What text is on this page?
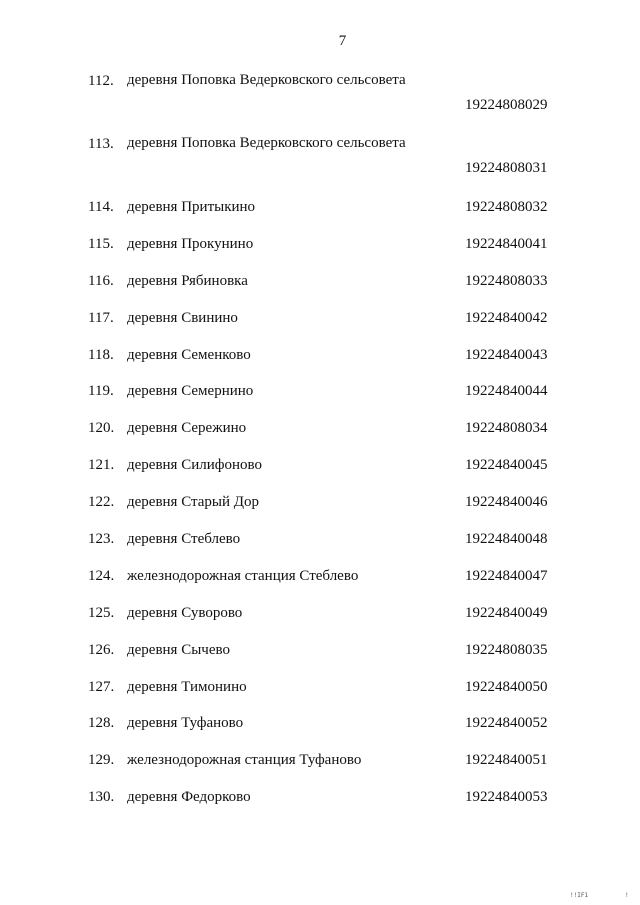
7
112. деревня Поповка Ведерковского сельсовета
19224808029
113. деревня Поповка Ведерковского сельсовета
19224808031
114. деревня Притыкино	19224808032
115. деревня Прокунино	19224840041
116. деревня Рябиновка	19224808033
117. деревня Свинино	19224840042
118. деревня Семенково	19224840043
119. деревня Семернино	19224840044
120. деревня Сережино	19224808034
121. деревня Силифоново	19224840045
122. деревня Старый Дор	19224840046
123. деревня Стеблево	19224840048
124. железнодорожная станция Стеблево	19224840047
125. деревня Суворово	19224840049
126. деревня Сычево	19224808035
127. деревня Тимонино	19224840050
128. деревня Туфаново	19224840052
129. железнодорожная станция Туфаново	19224840051
130. деревня Федорково	19224840053
!!IF1	!
